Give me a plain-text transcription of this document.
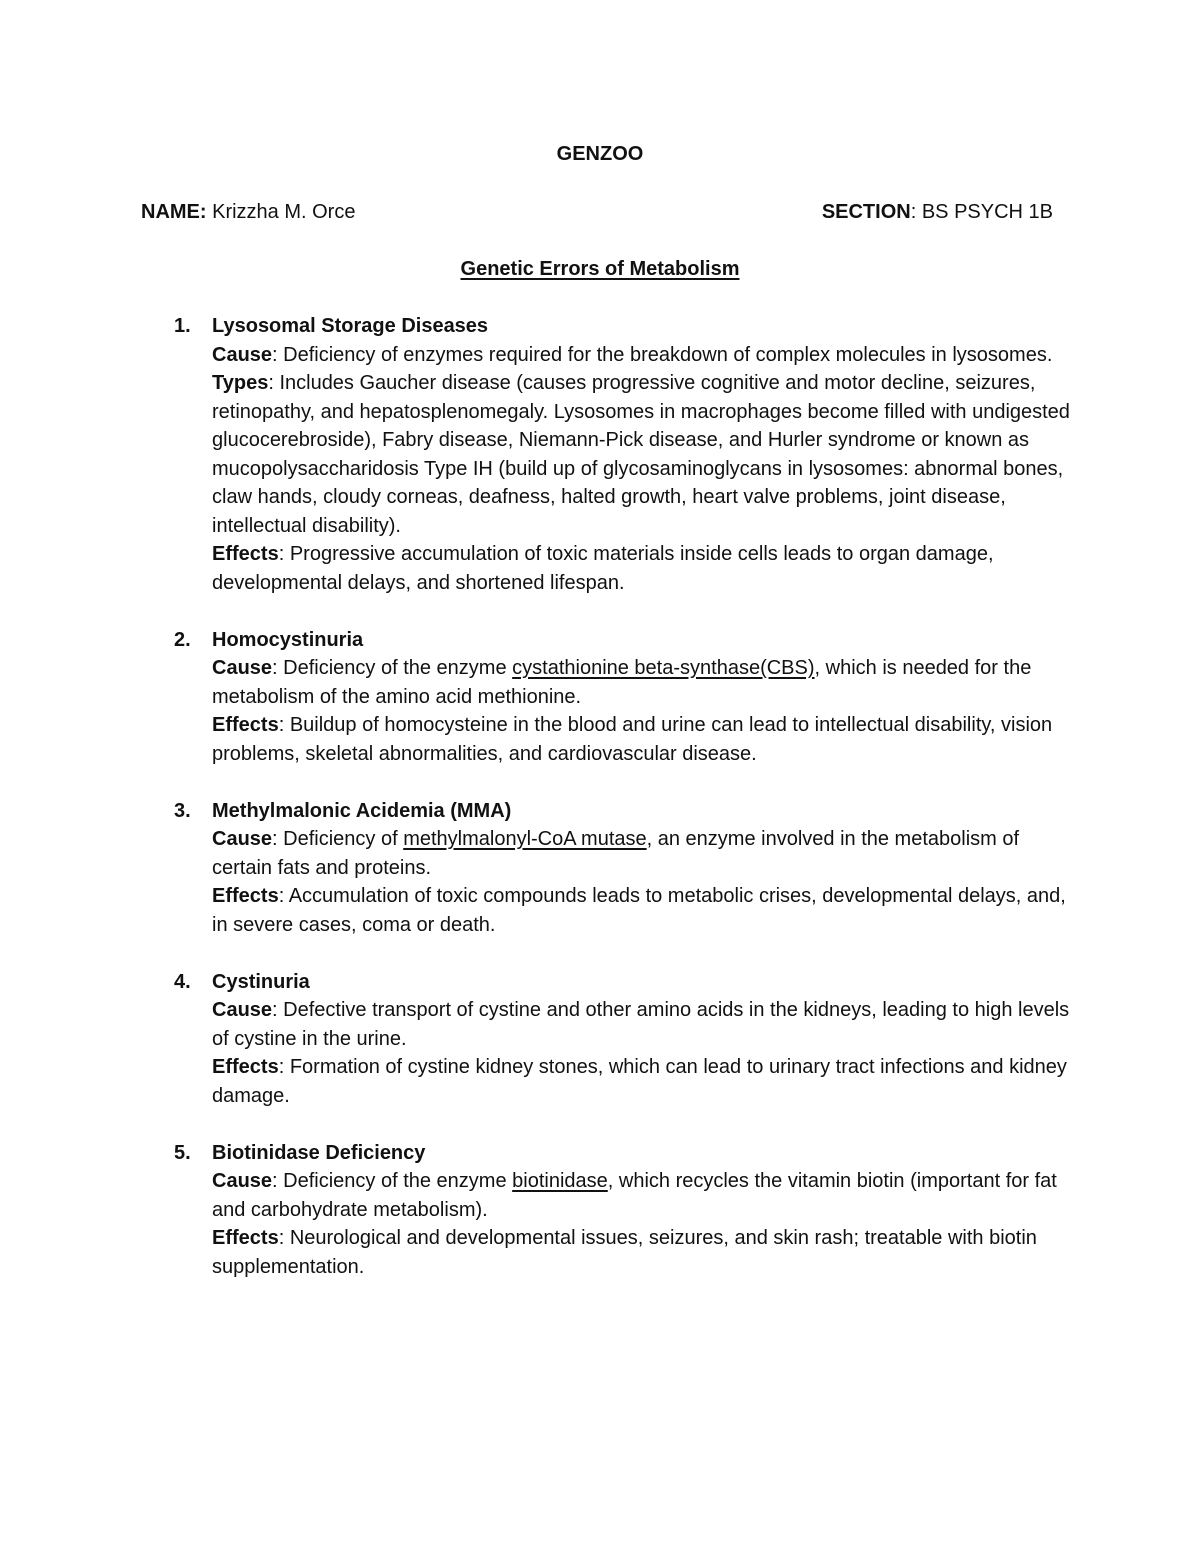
GENZOO
NAME: Krizzha M. Orce	SECTION: BS PSYCH 1B
Genetic Errors of Metabolism
1. Lysosomal Storage Diseases

Cause: Deficiency of enzymes required for the breakdown of complex molecules in lysosomes.

Types: Includes Gaucher disease (causes progressive cognitive and motor decline, seizures, retinopathy, and hepatosplenomegaly. Lysosomes in macrophages become filled with undigested glucocerebroside), Fabry disease, Niemann-Pick disease, and Hurler syndrome or known as mucopolysaccharidosis Type IH (build up of glycosaminoglycans in lysosomes: abnormal bones, claw hands, cloudy corneas, deafness, halted growth, heart valve problems, joint disease, intellectual disability).

Effects: Progressive accumulation of toxic materials inside cells leads to organ damage, developmental delays, and shortened lifespan.

2. Homocystinuria

Cause: Deficiency of the enzyme cystathionine beta-synthase(CBS), which is needed for the metabolism of the amino acid methionine.

Effects: Buildup of homocysteine in the blood and urine can lead to intellectual disability, vision problems, skeletal abnormalities, and cardiovascular disease.

3. Methylmalonic Acidemia (MMA)

Cause: Deficiency of methylmalonyl-CoA mutase, an enzyme involved in the metabolism of certain fats and proteins.

Effects: Accumulation of toxic compounds leads to metabolic crises, developmental delays, and, in severe cases, coma or death.

4. Cystinuria

Cause: Defective transport of cystine and other amino acids in the kidneys, leading to high levels of cystine in the urine.

Effects: Formation of cystine kidney stones, which can lead to urinary tract infections and kidney damage.

5. Biotinidase Deficiency

Cause: Deficiency of the enzyme biotinidase, which recycles the vitamin biotin (important for fat and carbohydrate metabolism).

Effects: Neurological and developmental issues, seizures, and skin rash; treatable with biotin supplementation.
